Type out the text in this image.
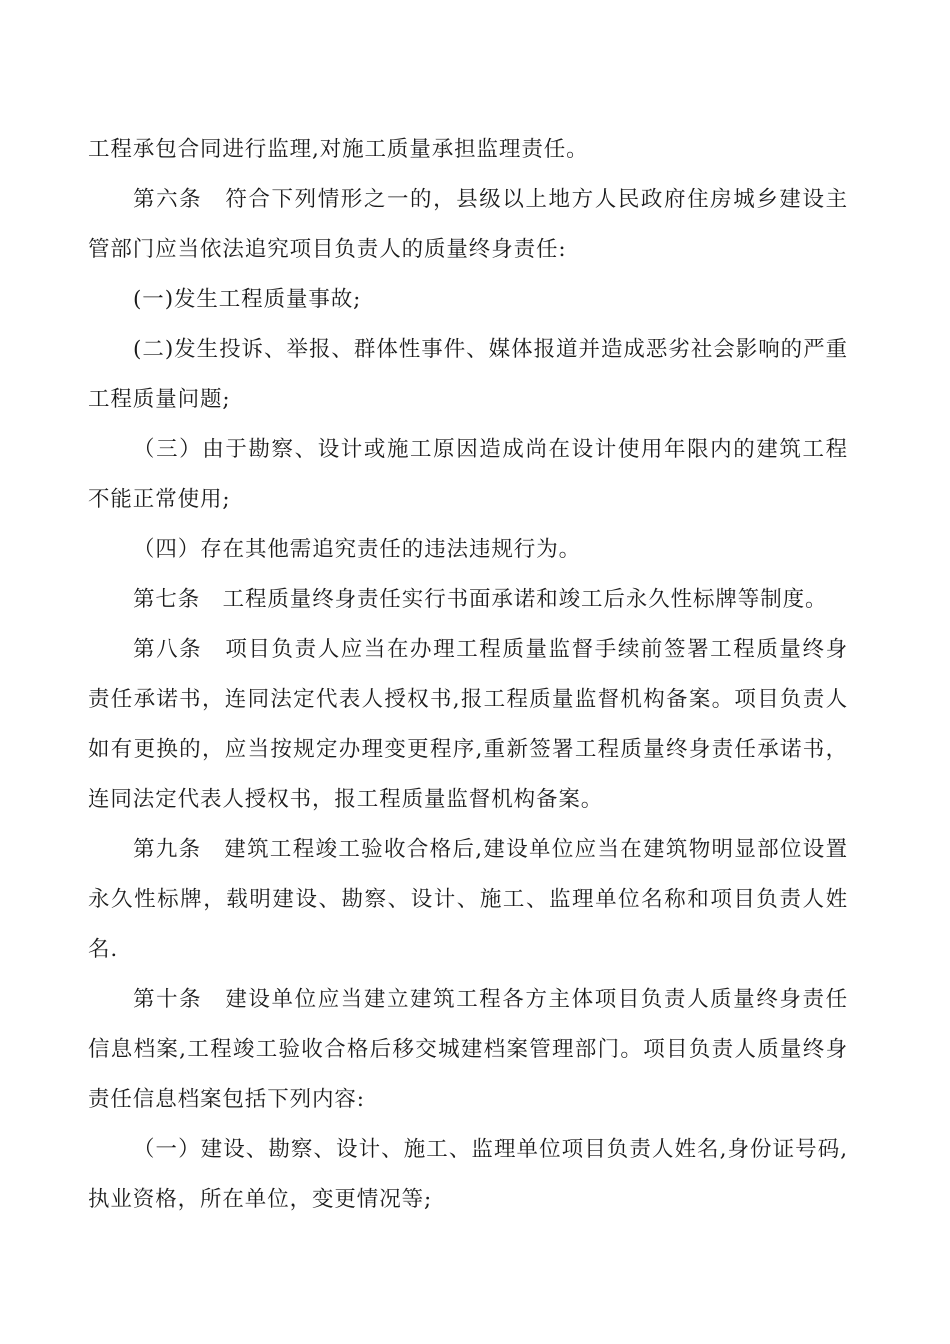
工程承包合同进行监理,对施工质量承担监理责任。

第六条　符合下列情形之一的，县级以上地方人民政府住房城乡建设主管部门应当依法追究项目负责人的质量终身责任:

(一)发生工程质量事故;

(二)发生投诉、举报、群体性事件、媒体报道并造成恶劣社会影响的严重工程质量问题;

（三）由于勘察、设计或施工原因造成尚在设计使用年限内的建筑工程不能正常使用;

（四）存在其他需追究责任的违法违规行为。

第七条　工程质量终身责任实行书面承诺和竣工后永久性标牌等制度。

第八条　项目负责人应当在办理工程质量监督手续前签署工程质量终身责任承诺书，连同法定代表人授权书,报工程质量监督机构备案。项目负责人如有更换的，应当按规定办理变更程序,重新签署工程质量终身责任承诺书，连同法定代表人授权书，报工程质量监督机构备案。

第九条　建筑工程竣工验收合格后,建设单位应当在建筑物明显部位设置永久性标牌，载明建设、勘察、设计、施工、监理单位名称和项目负责人姓名.

第十条　建设单位应当建立建筑工程各方主体项目负责人质量终身责任信息档案,工程竣工验收合格后移交城建档案管理部门。项目负责人质量终身责任信息档案包括下列内容:

（一）建设、勘察、设计、施工、监理单位项目负责人姓名,身份证号码,执业资格，所在单位，变更情况等;
